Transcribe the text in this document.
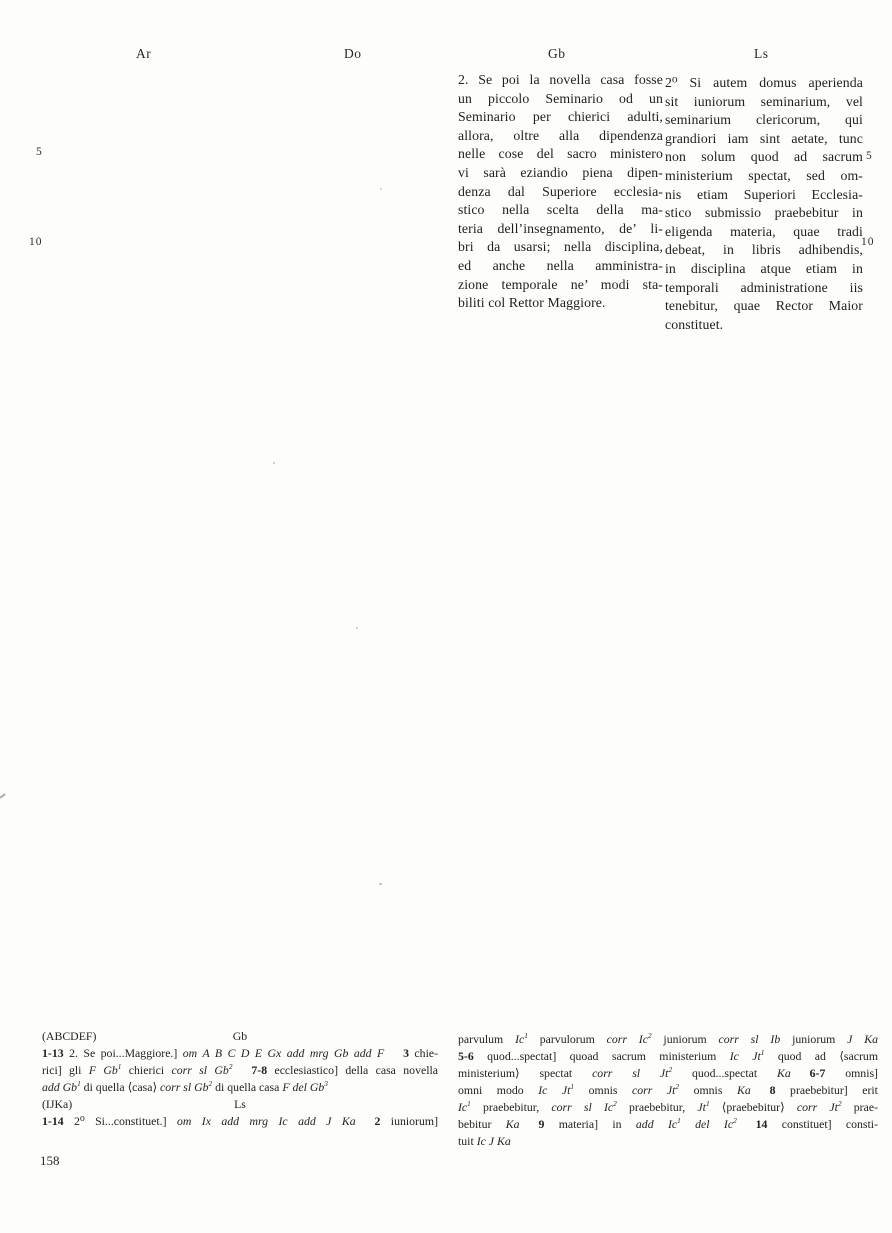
Ar	Do	Gb	Ls
5
10
5
10
2. Se poi la novella casa fosse
un piccolo Seminario od un
Seminario per chierici adulti,
allora, oltre alla dipendenza
nelle cose del sacro ministero
vi sarà eziandio piena dipen-
denza dal Superiore ecclesia-
stico nella scelta della ma-
teria dell’insegnamento, de’ li-
bri da usarsi; nella disciplina,
ed anche nella amministra-
zione temporale ne’ modi sta-
biliti col Rettor Maggiore.
2⁰ Si autem domus aperienda
sit iuniorum seminarium, vel
seminarium clericorum, qui
grandiori iam sint aetate, tunc
non solum quod ad sacrum
ministerium spectat, sed om-
nis etiam Superiori Ecclesia-
stico submissio praebebitur in
eligenda materia, quae tradi
debeat, in libris adhibendis,
in disciplina atque etiam in
temporali administratione iis
tenebitur, quae Rector Maior
constituet.
(ABCDEF)	Gb
1-13 2. Se poi...Maggiore.] om A B C D E Gx add mrg Gb add F 3 chie-
rici] gli F Gb$^1$ chierici corr sl Gb$^2$ 7-8 ecclesiastico] della casa novella
add Gb$^1$ di quella ⟨casa⟩ corr sl Gb$^2$ di quella casa F del Gb$^3$
(IJKa)	Ls
1-14 2⁰ Si...constituet.] om Ix add mrg Ic add J Ka 2 iuniorum]
parvulum Ic$^1$ parvulorum corr Ic$^2$ juniorum corr sl Ib juniorum J Ka
5-6 quod...spectat] quoad sacrum ministerium Ic Jt$^1$ quod ad ⟨sacrum
ministerium⟩ spectat corr sl Jt$^2$ quod...spectat Ka 6-7 omnis]
omni modo Ic Jt$^1$ omnis corr Jt$^2$ omnis Ka 8 praebebitur] erit
Ic$^1$ praebebitur, corr sl Ic$^2$ praebebitur, Jt$^1$ ⟨praebebitur⟩ corr Jt$^2$ prae-
bebitur Ka 9 materia] in add Ic$^1$ del Ic$^2$ 14 constituet] consti-
tuit Ic J Ka
158
